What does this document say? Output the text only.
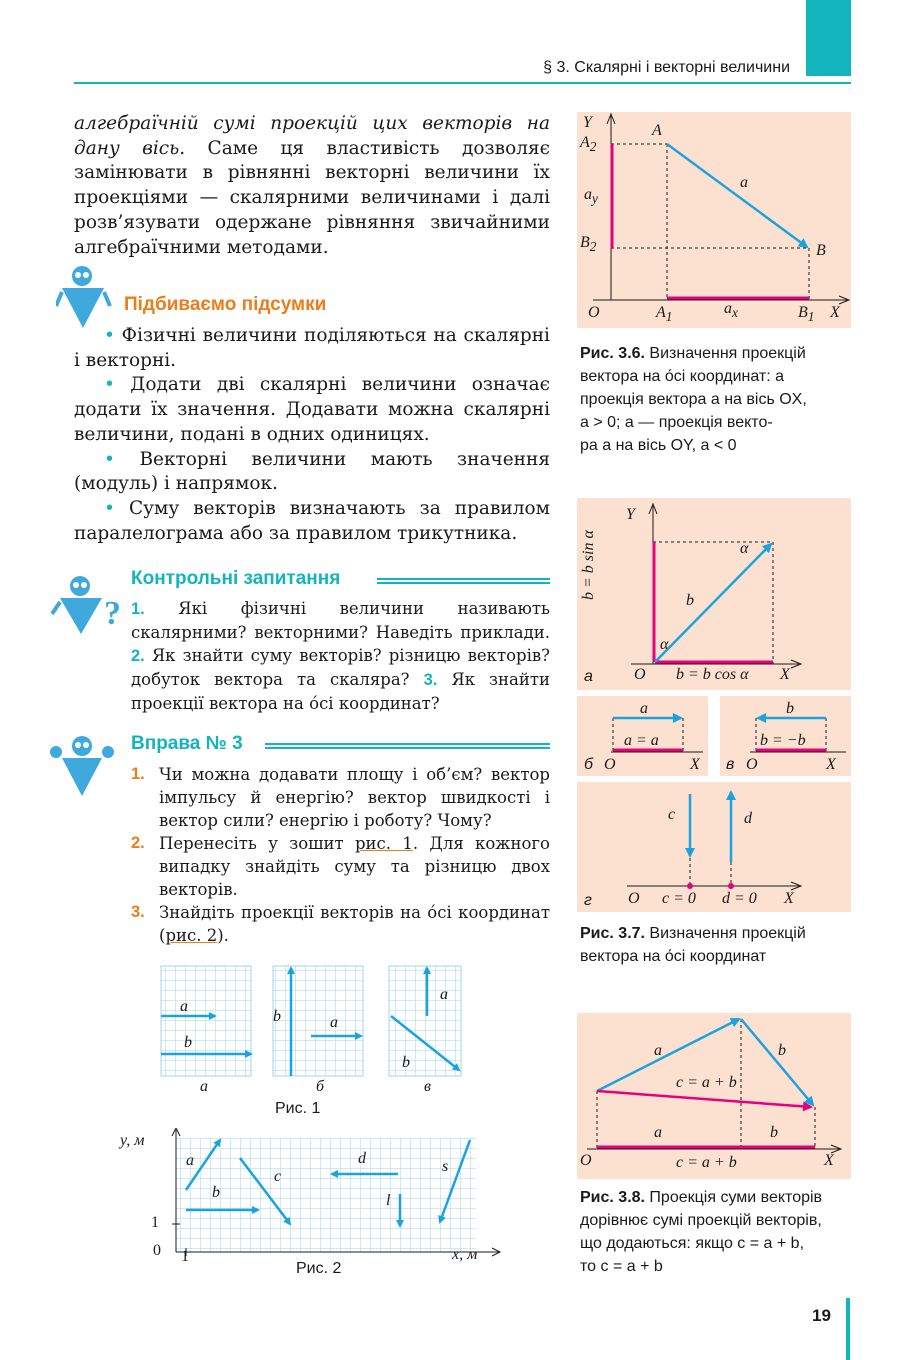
§ 3. Скалярні і векторні величини

алгебраїчній сумі проекцій цих векторів на дану вісь. Саме ця властивість дозволяє замінювати в рівнянні векторні величини їх проекціями — скалярними величинами і далі розв’язувати одержане рівняння звичайними алгебраїчними методами.

Підбиваємо підсумки

• Фізичні величини поділяються на скалярні і векторні.

• Додати дві скалярні величини означає додати їх значення. Додавати можна скалярні величини, подані в одних одиницях.

• Векторні величини мають значення (модуль) і напрямок.

• Суму векторів визначають за правилом паралелограма або за правилом трикутника.

?
Контрольні запитання
1. Які фізичні величини називають скалярними? векторними? Наведіть приклади. 2. Як знайти суму векторів? різницю векторів? добуток вектора та скаляра? 3. Як знайти проекції вектора на о́сі координат?
Вправа № 3
1. Чи можна додавати площу і об’єм? вектор імпульсу й енергію? вектор швидкості і вектор сили? енергію і роботу? Чому?
2. Перенесіть у зошит рис. 1. Для кожного випадку знайдіть суму та різницю двох векторів.
3. Знайдіть проекції векторів на о́сі координат (рис. 2).
a
b
b	a
a
b
а	б	в
Рис. 1
y, м
x, м
1
1
0
a
b
c
d
l
s
Рис. 2
Y	A
$A_2$
$a_y$
$B_2$	B
a
O	$A_1$	$a_x$	$B_1$ X
Рис. 3.6. Визначення проекцій
вектора на о́сі координат: a
проекція вектора a на вісь OX,
a > 0; a — проекція векто-
ра a на вісь OY, a < 0
а
Y
α
α
b
b = b sin α
O b = b cos α X
б
a
a = a
O	X в
b
b = −b
O	X
г
c	d
O c = 0 d = 0 X
Рис. 3.7. Визначення проекцій вектора на о́сі координат
a	b
c = a + b
a	b
O	c = a + b	X
Рис. 3.8. Проекція суми векторів
дорівнює сумі проекцій векторів,
що додаються: якщо c = a + b,
то c = a + b
19
